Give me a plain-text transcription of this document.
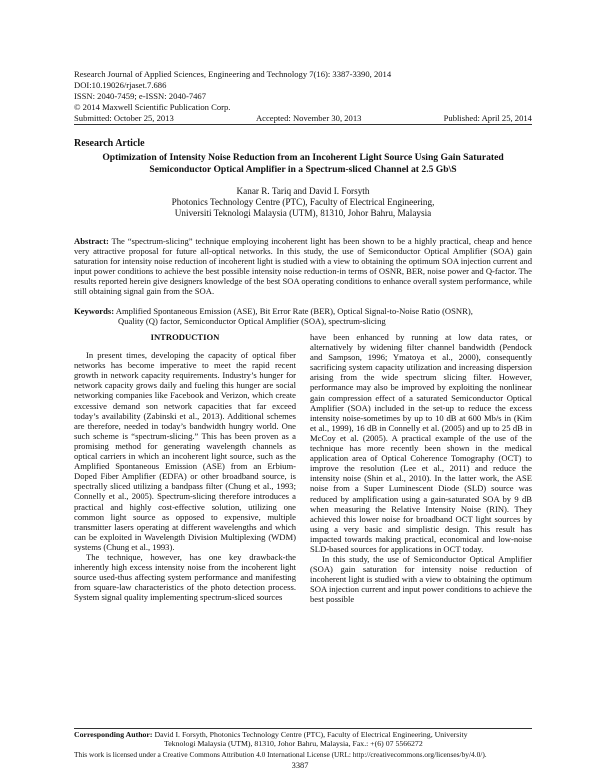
Research Journal of Applied Sciences, Engineering and Technology 7(16): 3387-3390, 2014
DOI:10.19026/rjaset.7.686
ISSN: 2040-7459; e-ISSN: 2040-7467
© 2014 Maxwell Scientific Publication Corp.
Submitted: October 25, 2013	Accepted: November 30, 2013	Published: April 25, 2014
Research Article
Optimization of Intensity Noise Reduction from an Incoherent Light Source Using Gain Saturated Semiconductor Optical Amplifier in a Spectrum-sliced Channel at 2.5 Gb\S
Kanar R. Tariq and David I. Forsyth
Photonics Technology Centre (PTC), Faculty of Electrical Engineering,
Universiti Teknologi Malaysia (UTM), 81310, Johor Bahru, Malaysia
Abstract: The “spectrum-slicing” technique employing incoherent light has been shown to be a highly practical, cheap and hence very attractive proposal for future all-optical networks. In this study, the use of Semiconductor Optical Amplifier (SOA) gain saturation for intensity noise reduction of incoherent light is studied with a view to obtaining the optimum SOA injection current and input power conditions to achieve the best possible intensity noise reduction-in terms of OSNR, BER, noise power and Q-factor. The results reported herein give designers knowledge of the best SOA operating conditions to enhance overall system performance, while still obtaining signal gain from the SOA.
Keywords: Amplified Spontaneous Emission (ASE), Bit Error Rate (BER), Optical Signal-to-Noise Ratio (OSNR),
Quality (Q) factor, Semiconductor Optical Amplifier (SOA), spectrum-slicing
INTRODUCTION

In present times, developing the capacity of optical fiber networks has become imperative to meet the rapid recent growth in network capacity requirements. Industry’s hunger for network capacity grows daily and fueling this hunger are social networking companies like Facebook and Verizon, which create excessive demand son network capacities that far exceed today’s availability (Zabinski et al., 2013). Additional schemes are therefore, needed in today’s bandwidth hungry world. One such scheme is “spectrum-slicing.” This has been proven as a promising method for generating wavelength channels as optical carriers in which an incoherent light source, such as the Amplified Spontaneous Emission (ASE) from an Erbium-Doped Fiber Amplifier (EDFA) or other broadband source, is spectrally sliced utilizing a bandpass filter (Chung et al., 1993; Connelly et al., 2005). Spectrum-slicing therefore introduces a practical and highly cost-effective solution, utilizing one common light source as opposed to expensive, multiple transmitter lasers operating at different wavelengths and which can be exploited in Wavelength Division Multiplexing (WDM) systems (Chung et al., 1993).

The technique, however, has one key drawback-the inherently high excess intensity noise from the incoherent light source used-thus affecting system performance and manifesting from square-law characteristics of the photo detection process. System signal quality implementing spectrum-sliced sources

have been enhanced by running at low data rates, or alternatively by widening filter channel bandwidth (Pendock and Sampson, 1996; Ymatoya et al., 2000), consequently sacrificing system capacity utilization and increasing dispersion arising from the wide spectrum slicing filter. However, performance may also be improved by exploiting the nonlinear gain compression effect of a saturated Semiconductor Optical Amplifier (SOA) included in the set-up to reduce the excess intensity noise-sometimes by up to 10 dB at 600 Mb/s in (Kim et al., 1999), 16 dB in Connelly et al. (2005) and up to 25 dB in McCoy et al. (2005). A practical example of the use of the technique has more recently been shown in the medical application area of Optical Coherence Tomography (OCT) to improve the resolution (Lee et al., 2011) and reduce the intensity noise (Shin et al., 2010). In the latter work, the ASE noise from a Super Luminescent Diode (SLD) source was reduced by amplification using a gain-saturated SOA by 9 dB when measuring the Relative Intensity Noise (RIN). They achieved this lower noise for broadband OCT light sources by using a very basic and simplistic design. This result has impacted towards making practical, economical and low-noise SLD-based sources for applications in OCT today.

In this study, the use of Semiconductor Optical Amplifier (SOA) gain saturation for intensity noise reduction of incoherent light is studied with a view to obtaining the optimum SOA injection current and input power conditions to achieve the best possible

Corresponding Author: David I. Forsyth, Photonics Technology Centre (PTC), Faculty of Electrical Engineering, University
Teknologi Malaysia (UTM), 81310, Johor Bahru, Malaysia, Fax.: +(6) 07 5566272
This work is licensed under a Creative Commons Attribution 4.0 International License (URL: http://creativecommons.org/licenses/by/4.0/).
3387
